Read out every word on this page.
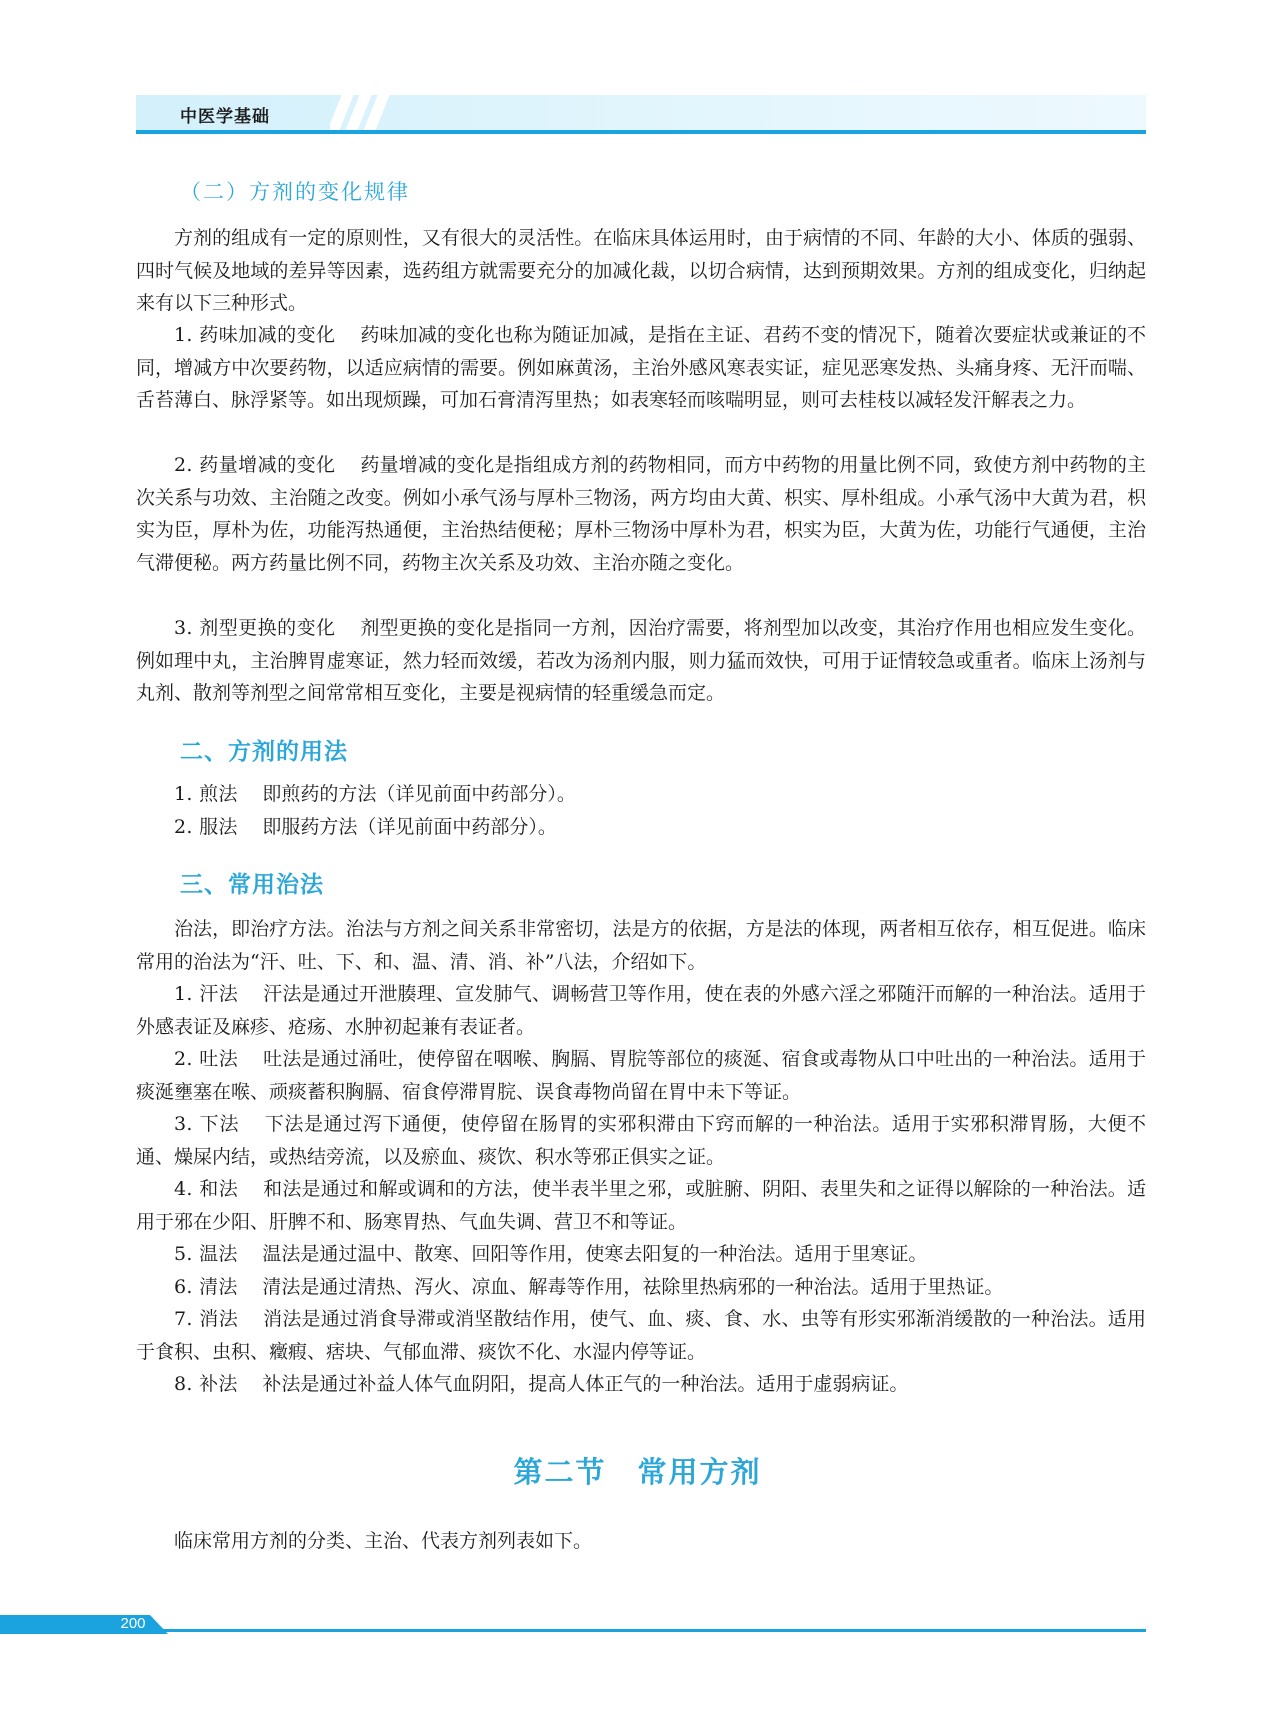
中医学基础
（二）方剂的变化规律
方剂的组成有一定的原则性，又有很大的灵活性。在临床具体运用时，由于病情的不同、年龄的大小、体质的强弱、四时气候及地域的差异等因素，选药组方就需要充分的加减化裁，以切合病情，达到预期效果。方剂的组成变化，归纳起来有以下三种形式。
1. 药味加减的变化 药味加减的变化也称为随证加减，是指在主证、君药不变的情况下，随着次要症状或兼证的不同，增减方中次要药物，以适应病情的需要。例如麻黄汤，主治外感风寒表实证，症见恶寒发热、头痛身疼、无汗而喘、舌苔薄白、脉浮紧等。如出现烦躁，可加石膏清泻里热；如表寒轻而咳喘明显，则可去桂枝以减轻发汗解表之力。
2. 药量增减的变化 药量增减的变化是指组成方剂的药物相同，而方中药物的用量比例不同，致使方剂中药物的主次关系与功效、主治随之改变。例如小承气汤与厚朴三物汤，两方均由大黄、枳实、厚朴组成。小承气汤中大黄为君，枳实为臣，厚朴为佐，功能泻热通便，主治热结便秘；厚朴三物汤中厚朴为君，枳实为臣，大黄为佐，功能行气通便，主治气滞便秘。两方药量比例不同，药物主次关系及功效、主治亦随之变化。
3. 剂型更换的变化 剂型更换的变化是指同一方剂，因治疗需要，将剂型加以改变，其治疗作用也相应发生变化。例如理中丸，主治脾胃虚寒证，然力轻而效缓，若改为汤剂内服，则力猛而效快，可用于证情较急或重者。临床上汤剂与丸剂、散剂等剂型之间常常相互变化，主要是视病情的轻重缓急而定。
二、方剂的用法
1. 煎法 即煎药的方法（详见前面中药部分）。
2. 服法 即服药方法（详见前面中药部分）。
三、常用治法
治法，即治疗方法。治法与方剂之间关系非常密切，法是方的依据，方是法的体现，两者相互依存，相互促进。临床常用的治法为“汗、吐、下、和、温、清、消、补”八法，介绍如下。
1. 汗法 汗法是通过开泄腠理、宣发肺气、调畅营卫等作用，使在表的外感六淫之邪随汗而解的一种治法。适用于外感表证及麻疹、疮疡、水肿初起兼有表证者。
2. 吐法 吐法是通过涌吐，使停留在咽喉、胸膈、胃脘等部位的痰涎、宿食或毒物从口中吐出的一种治法。适用于痰涎壅塞在喉、顽痰蓄积胸膈、宿食停滞胃脘、误食毒物尚留在胃中未下等证。
3. 下法 下法是通过泻下通便，使停留在肠胃的实邪积滞由下窍而解的一种治法。适用于实邪积滞胃肠，大便不通、燥屎内结，或热结旁流，以及瘀血、痰饮、积水等邪正俱实之证。
4. 和法 和法是通过和解或调和的方法，使半表半里之邪，或脏腑、阴阳、表里失和之证得以解除的一种治法。适用于邪在少阳、肝脾不和、肠寒胃热、气血失调、营卫不和等证。
5. 温法 温法是通过温中、散寒、回阳等作用，使寒去阳复的一种治法。适用于里寒证。
6. 清法 清法是通过清热、泻火、凉血、解毒等作用，祛除里热病邪的一种治法。适用于里热证。
7. 消法 消法是通过消食导滞或消坚散结作用，使气、血、痰、食、水、虫等有形实邪渐消缓散的一种治法。适用于食积、虫积、癥瘕、痞块、气郁血滞、痰饮不化、水湿内停等证。
8. 补法 补法是通过补益人体气血阴阳，提高人体正气的一种治法。适用于虚弱病证。
第二节　常用方剂
临床常用方剂的分类、主治、代表方剂列表如下。
200
